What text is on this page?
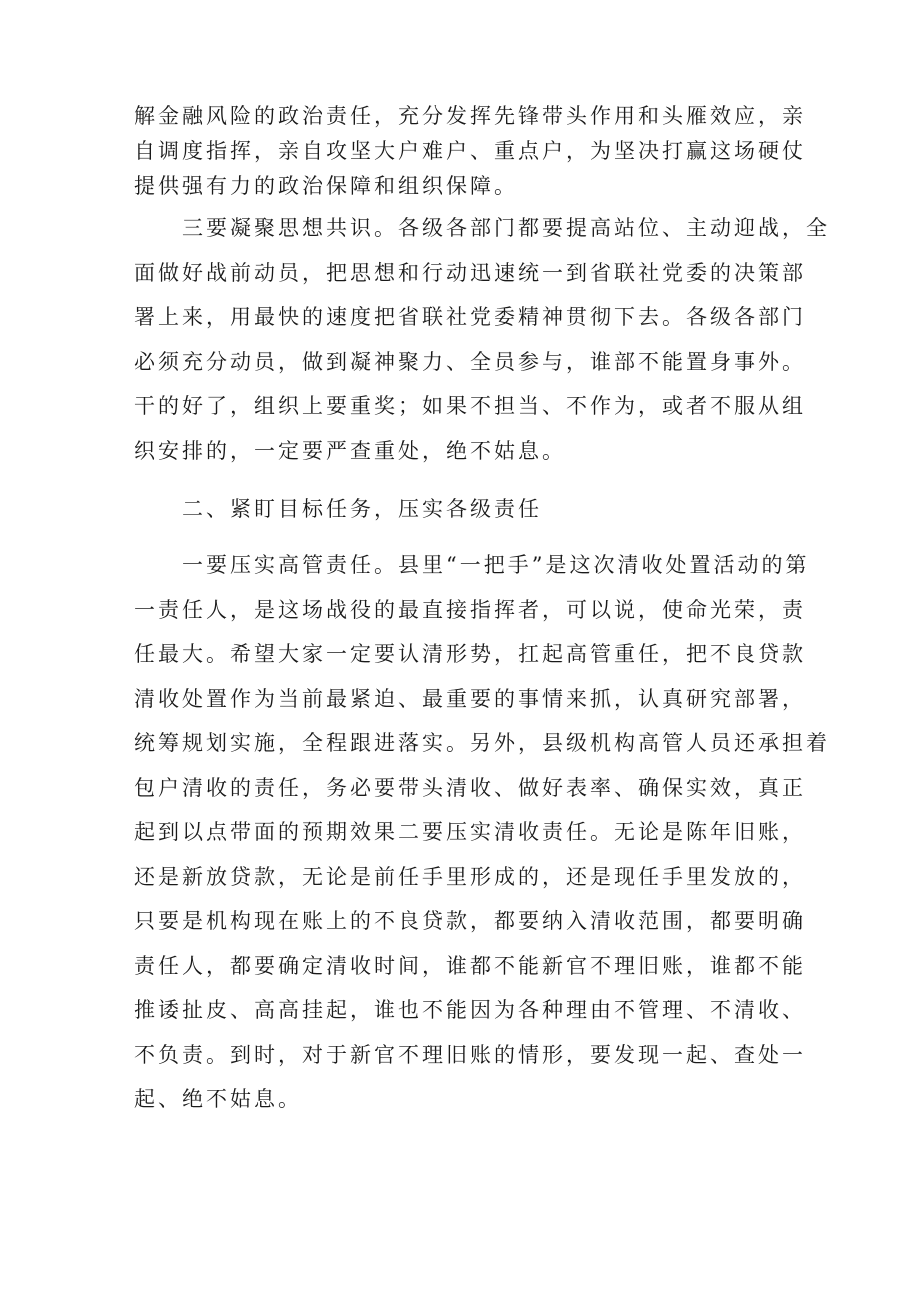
解金融风险的政治责任，充分发挥先锋带头作用和头雁效应，亲
自调度指挥，亲自攻坚大户难户、重点户，为坚决打赢这场硬仗
提供强有力的政治保障和组织保障。
　　三要凝聚思想共识。各级各部门都要提高站位、主动迎战，全
面做好战前动员，把思想和行动迅速统一到省联社党委的决策部
署上来，用最快的速度把省联社党委精神贯彻下去。各级各部门
必须充分动员，做到凝神聚力、全员参与，谁部不能置身事外。
干的好了，组织上要重奖；如果不担当、不作为，或者不服从组
织安排的，一定要严查重处，绝不姑息。
　　二、紧盯目标任务，压实各级责任
　　一要压实高管责任。县里“一把手”是这次清收处置活动的第
一责任人，是这场战役的最直接指挥者，可以说，使命光荣，责
任最大。希望大家一定要认清形势，扛起高管重任，把不良贷款
清收处置作为当前最紧迫、最重要的事情来抓，认真研究部署，
统筹规划实施，全程跟进落实。另外，县级机构高管人员还承担着
包户清收的责任，务必要带头清收、做好表率、确保实效，真正
起到以点带面的预期效果二要压实清收责任。无论是陈年旧账，
还是新放贷款，无论是前任手里形成的，还是现任手里发放的，
只要是机构现在账上的不良贷款，都要纳入清收范围，都要明确
责任人，都要确定清收时间，谁都不能新官不理旧账，谁都不能
推诿扯皮、高高挂起，谁也不能因为各种理由不管理、不清收、
不负责。到时，对于新官不理旧账的情形，要发现一起、查处一
起、绝不姑息。
